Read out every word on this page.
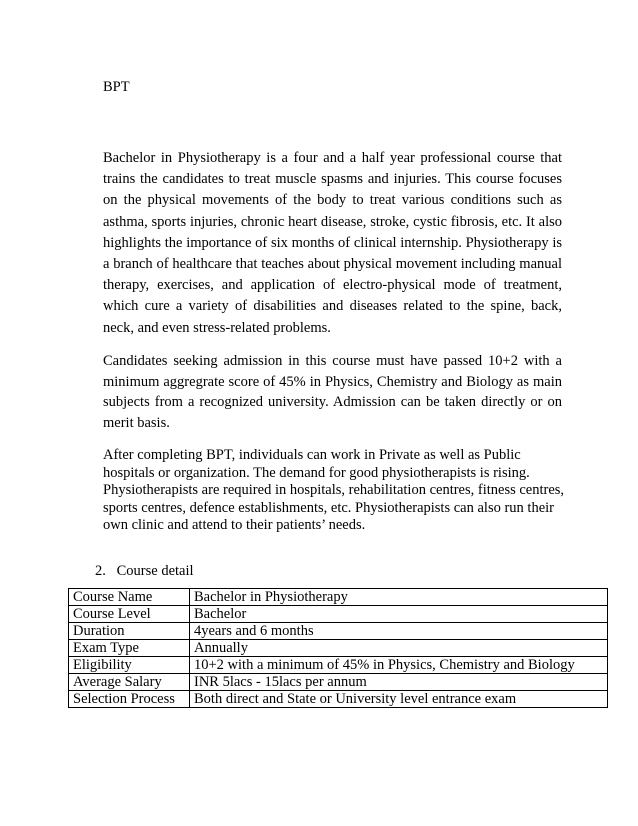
BPT

Bachelor in Physiotherapy is a four and a half year professional course that trains the candidates to treat muscle spasms and injuries. This course focuses on the physical movements of the body to treat various conditions such as asthma, sports injuries, chronic heart disease, stroke, cystic fibrosis, etc. It also highlights the importance of six months of clinical internship. Physiotherapy is a branch of healthcare that teaches about physical movement including manual therapy, exercises, and application of electro-physical mode of treatment, which cure a variety of disabilities and diseases related to the spine, back, neck, and even stress-related problems.

Candidates seeking admission in this course must have passed 10+2 with a minimum aggregrate score of 45% in Physics, Chemistry and Biology as main subjects from a recognized university. Admission can be taken directly or on merit basis.

After completing BPT, individuals can work in Private as well as Public hospitals or organization. The demand for good physiotherapists is rising. Physiotherapists are required in hospitals, rehabilitation centres, fitness centres, sports centres, defence establishments, etc. Physiotherapists can also run their own clinic and attend to their patients’ needs.

2. Course detail
Course Name	Bachelor in Physiotherapy
Course Level	Bachelor
Duration	4years and 6 months
Exam Type	Annually
Eligibility	10+2 with a minimum of 45% in Physics, Chemistry and Biology
Average Salary	INR 5lacs - 15lacs per annum
Selection Process	Both direct and State or University level entrance exam
